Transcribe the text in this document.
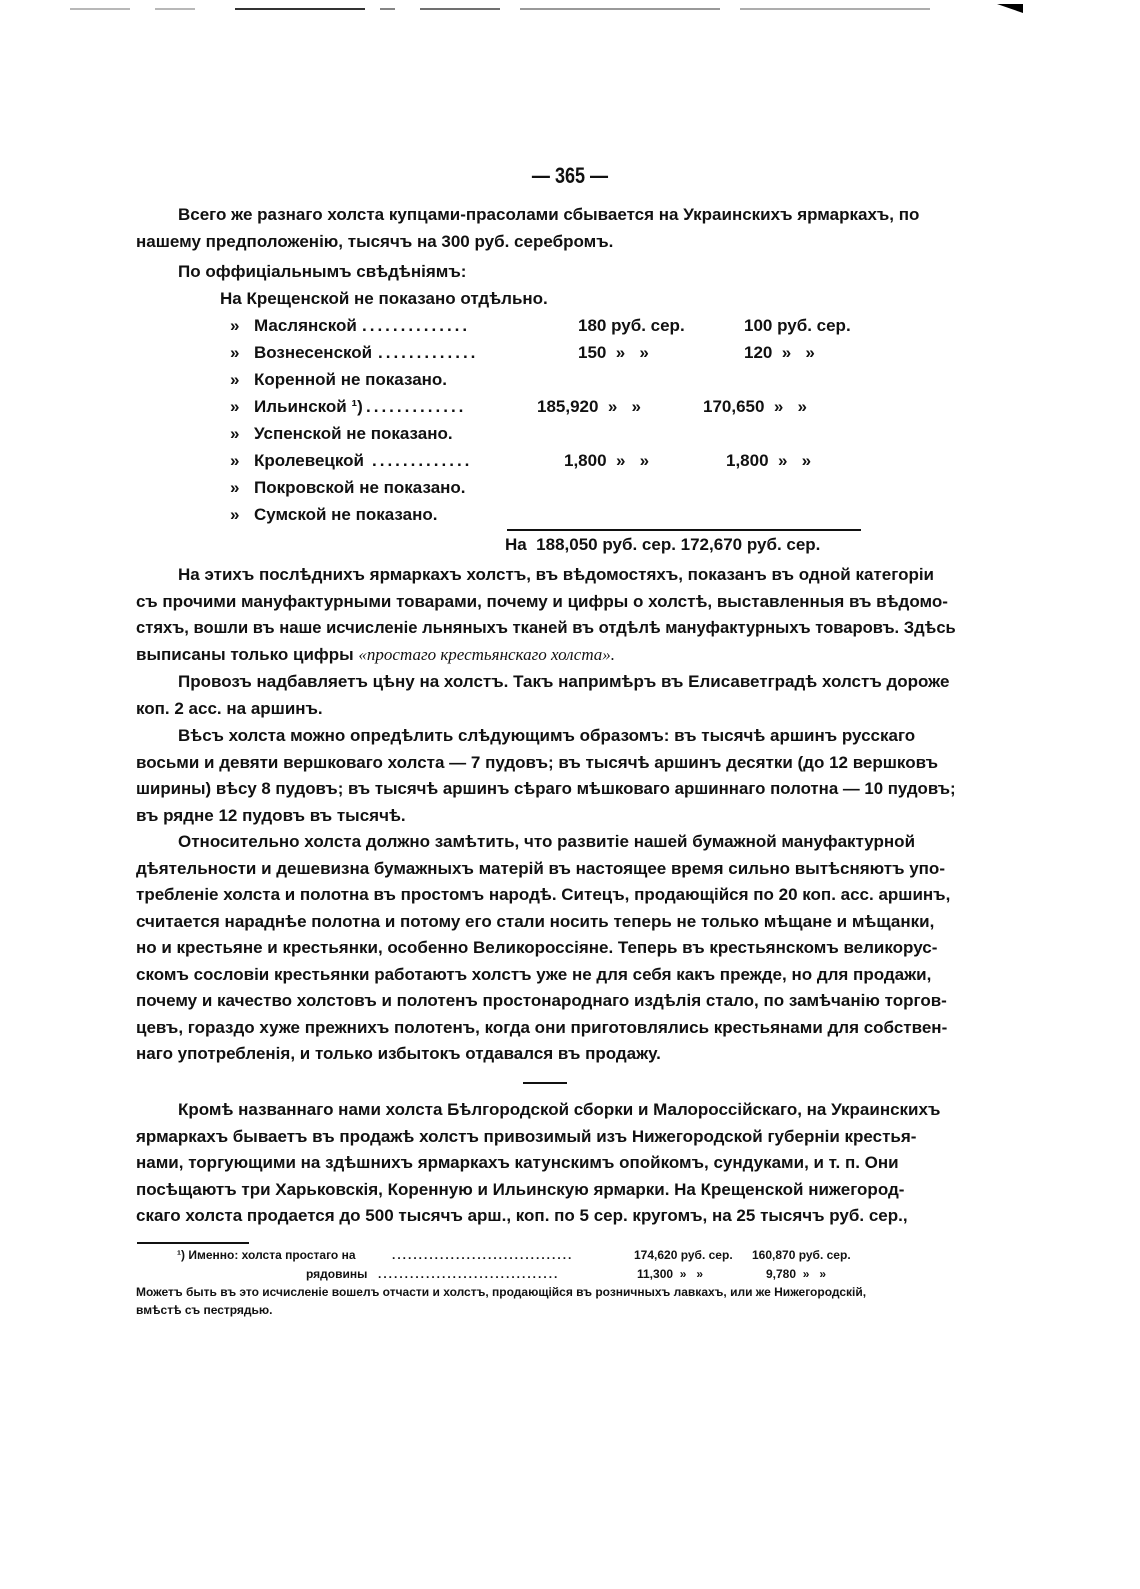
— 365 —

Всего же разнаго холста купцами-прасолами сбывается на Украинскихъ ярмаркахъ, по
нашему предположенію, тысячъ на 300 руб. серебромъ.

По оффиціальнымъ свѣдѣніямъ:
На Крещенской не показано отдѣльно.
» Маслянской ..............	180 руб. сер.	100 руб. сер.
» Вознесенской .............	150  »   »	120  »   »
» Коренной не показано.
» Ильинской ¹) .............	185,920  »   »	170,650  »   »
» Успенской не показано.
» Кролевецкой .............	1,800  »   »	1,800  »   »
» Покровской не показано.
» Сумской не показано.
На  188,050 руб. сер. 172,670 руб. сер.

На этихъ послѣднихъ ярмаркахъ холстъ, въ вѣдомостяхъ, показанъ въ одной категоріи
съ прочими мануфактурными товарами, почему и цифры о холстѣ, выставленныя въ вѣдомо-
стяхъ, вошли въ наше исчисленіе льняныхъ тканей въ отдѣлѣ мануфактурныхъ товаровъ. Здѣсь
выписаны только цифры «простаго крестьянскаго холста».

Провозъ надбавляетъ цѣну на холстъ. Такъ напримѣръ въ Елисаветградѣ холстъ дороже
коп. 2 асс. на аршинъ.

Вѣсъ холста можно опредѣлить слѣдующимъ образомъ: въ тысячѣ аршинъ русскаго
восьми и девяти вершковаго холста — 7 пудовъ; въ тысячѣ аршинъ десятки (до 12 вершковъ
ширины) вѣсу 8 пудовъ; въ тысячѣ аршинъ сѣраго мѣшковаго аршиннаго полотна — 10 пудовъ;
въ рядне 12 пудовъ въ тысячѣ.

Относительно холста должно замѣтить, что развитіе нашей бумажной мануфактурной
дѣятельности и дешевизна бумажныхъ матерій въ настоящее время сильно вытѣсняютъ упо-
требленіе холста и полотна въ простомъ народѣ. Ситецъ, продающійся по 20 коп. асс. аршинъ,
считается нараднѣе полотна и потому его стали носить теперь не только мѣщане и мѣщанки,
но и крестьяне и крестьянки, особенно Великороссіяне. Теперь въ крестьянскомъ великорус-
скомъ сословіи крестьянки работаютъ холстъ уже не для себя какъ прежде, но для продажи,
почему и качество холстовъ и полотенъ простонароднаго издѣлія стало, по замѣчанію торгов-
цевъ, гораздо хуже прежнихъ полотенъ, когда они приготовлялись крестьянами для собствен-
наго употребленія, и только избытокъ отдавался въ продажу.

Кромѣ названнаго нами холста Бѣлгородской сборки и Малороссійскаго, на Украинскихъ
ярмаркахъ бываетъ въ продажѣ холстъ привозимый изъ Нижегородской губерніи крестья-
нами, торгующими на здѣшнихъ ярмаркахъ катунскимъ опойкомъ, сундуками, и т. п. Они
посѣщаютъ три Харьковскія, Коренную и Ильинскую ярмарки. На Крещенской нижегород-
скаго холста продается до 500 тысячъ арш., коп. по 5 сер. кругомъ, на 25 тысячъ руб. сер.,

¹) Именно: холста простаго на	..................................	174,620 руб. сер. 160,870 руб. сер.
рядовины ..................................	11,300  »   »	9,780  »   »
Можетъ быть въ это исчисленіе вошелъ отчасти и холстъ, продающійся въ розничныхъ лавкахъ, или же Нижегородскій,
вмѣстѣ съ пестрядью.
